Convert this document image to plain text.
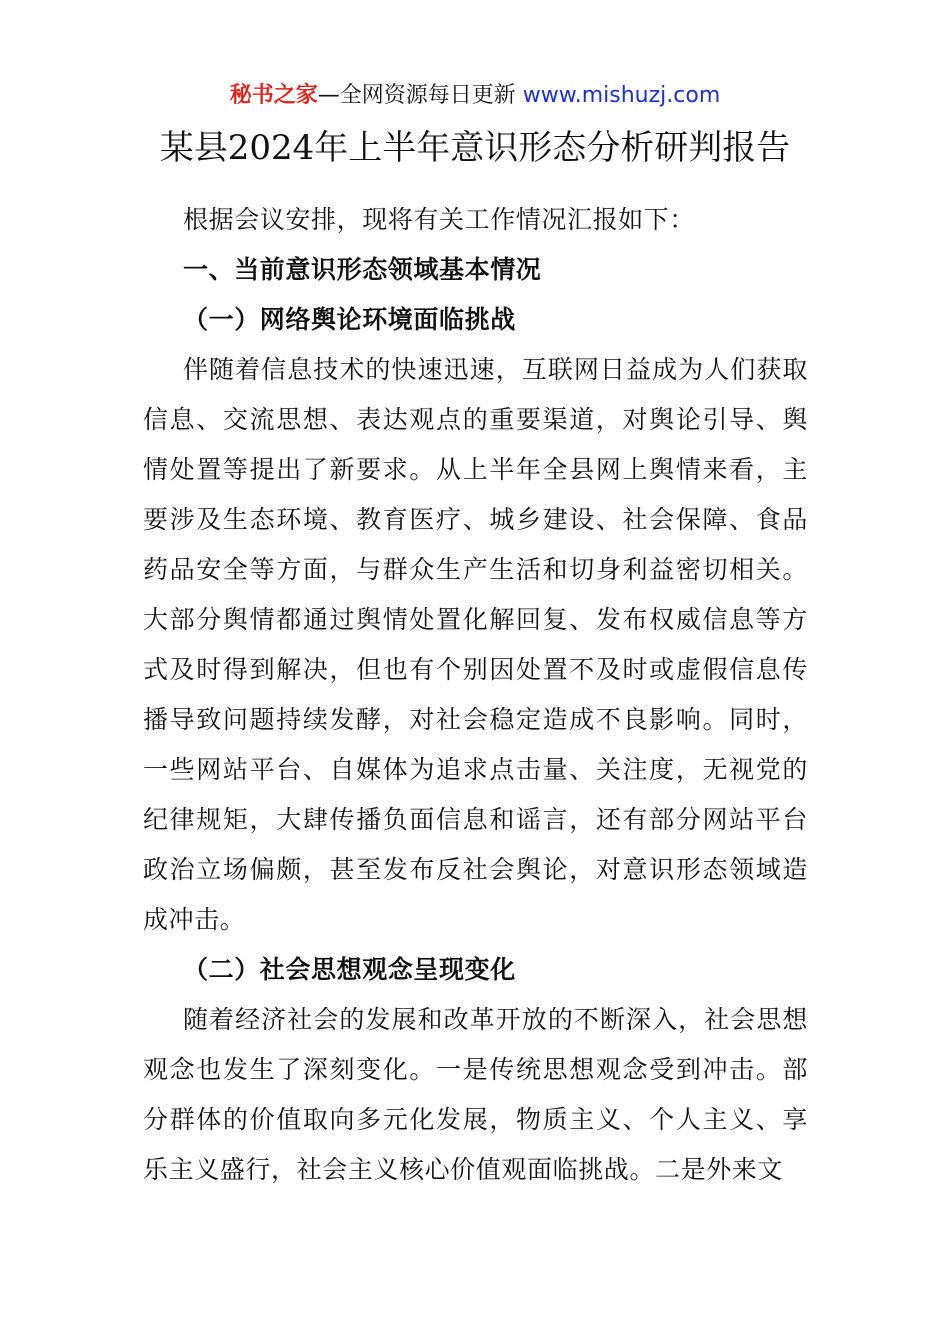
秘书之家—全网资源每日更新 www.mishuzj.com
某县2024年上半年意识形态分析研判报告

根据会议安排，现将有关工作情况汇报如下：

一、当前意识形态领域基本情况

（一）网络舆论环境面临挑战

伴随着信息技术的快速迅速，互联网日益成为人们获取信息、交流思想、表达观点的重要渠道，对舆论引导、舆情处置等提出了新要求。从上半年全县网上舆情来看，主要涉及生态环境、教育医疗、城乡建设、社会保障、食品药品安全等方面，与群众生产生活和切身利益密切相关。大部分舆情都通过舆情处置化解回复、发布权威信息等方式及时得到解决，但也有个别因处置不及时或虚假信息传播导致问题持续发酵，对社会稳定造成不良影响。同时，一些网站平台、自媒体为追求点击量、关注度，无视党的纪律规矩，大肆传播负面信息和谣言，还有部分网站平台政治立场偏颇，甚至发布反社会舆论，对意识形态领域造成冲击。

（二）社会思想观念呈现变化

随着经济社会的发展和改革开放的不断深入，社会思想观念也发生了深刻变化。一是传统思想观念受到冲击。部分群体的价值取向多元化发展，物质主义、个人主义、享乐主义盛行，社会主义核心价值观面临挑战。二是外来文
